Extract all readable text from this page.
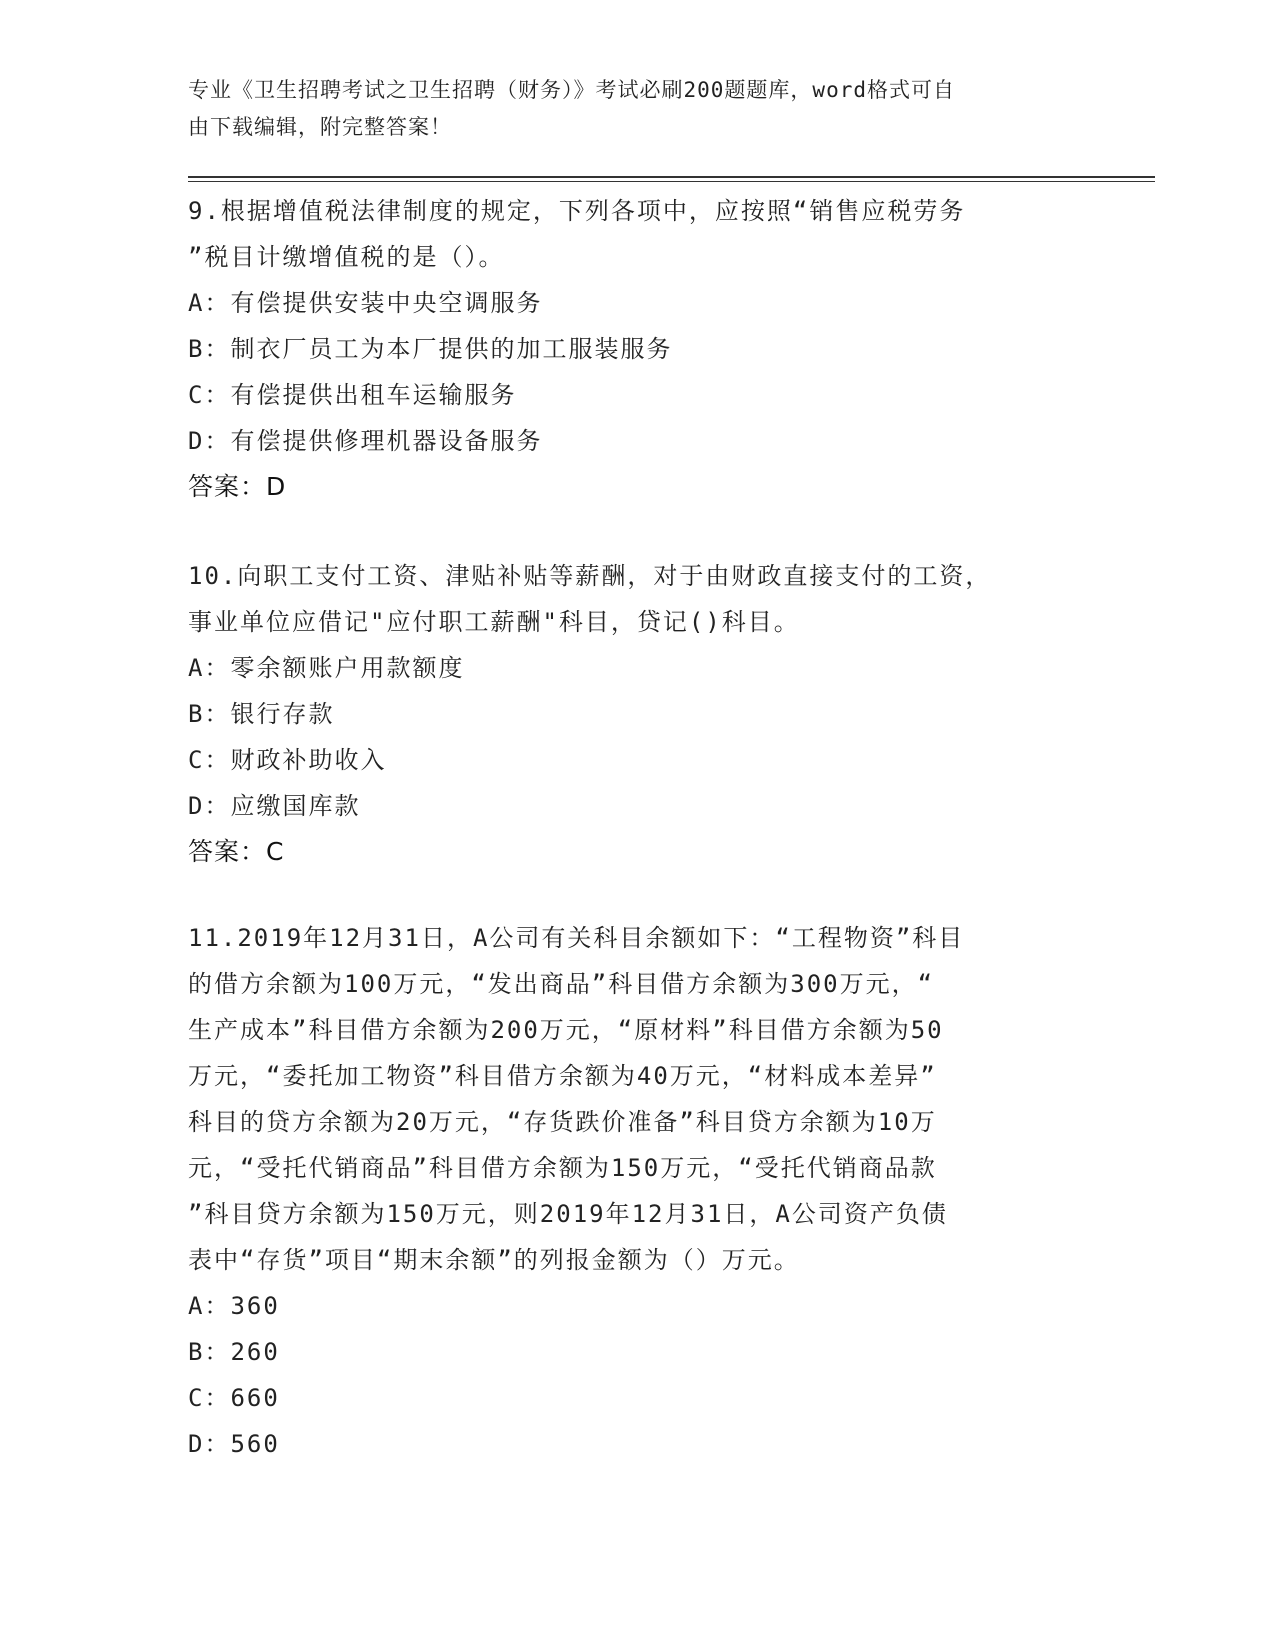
专业《卫生招聘考试之卫生招聘（财务）》考试必刷200题题库，word格式可自
由下载编辑，附完整答案！

9.根据增值税法律制度的规定，下列各项中，应按照“销售应税劳务

”税目计缴增值税的是（）。

A：有偿提供安装中央空调服务

B：制衣厂员工为本厂提供的加工服装服务

C：有偿提供出租车运输服务

D：有偿提供修理机器设备服务

答案：D

10.向职工支付工资、津贴补贴等薪酬，对于由财政直接支付的工资，

事业单位应借记"应付职工薪酬"科目，贷记()科目。

A：零余额账户用款额度

B：银行存款

C：财政补助收入

D：应缴国库款

答案：C

11.2019年12月31日，A公司有关科目余额如下：“工程物资”科目

的借方余额为100万元，“发出商品”科目借方余额为300万元，“

生产成本”科目借方余额为200万元，“原材料”科目借方余额为50

万元，“委托加工物资”科目借方余额为40万元，“材料成本差异”

科目的贷方余额为20万元，“存货跌价准备”科目贷方余额为10万

元，“受托代销商品”科目借方余额为150万元，“受托代销商品款

”科目贷方余额为150万元，则2019年12月31日，A公司资产负债

表中“存货”项目“期末余额”的列报金额为（）万元。

A：360

B：260

C：660

D：560
